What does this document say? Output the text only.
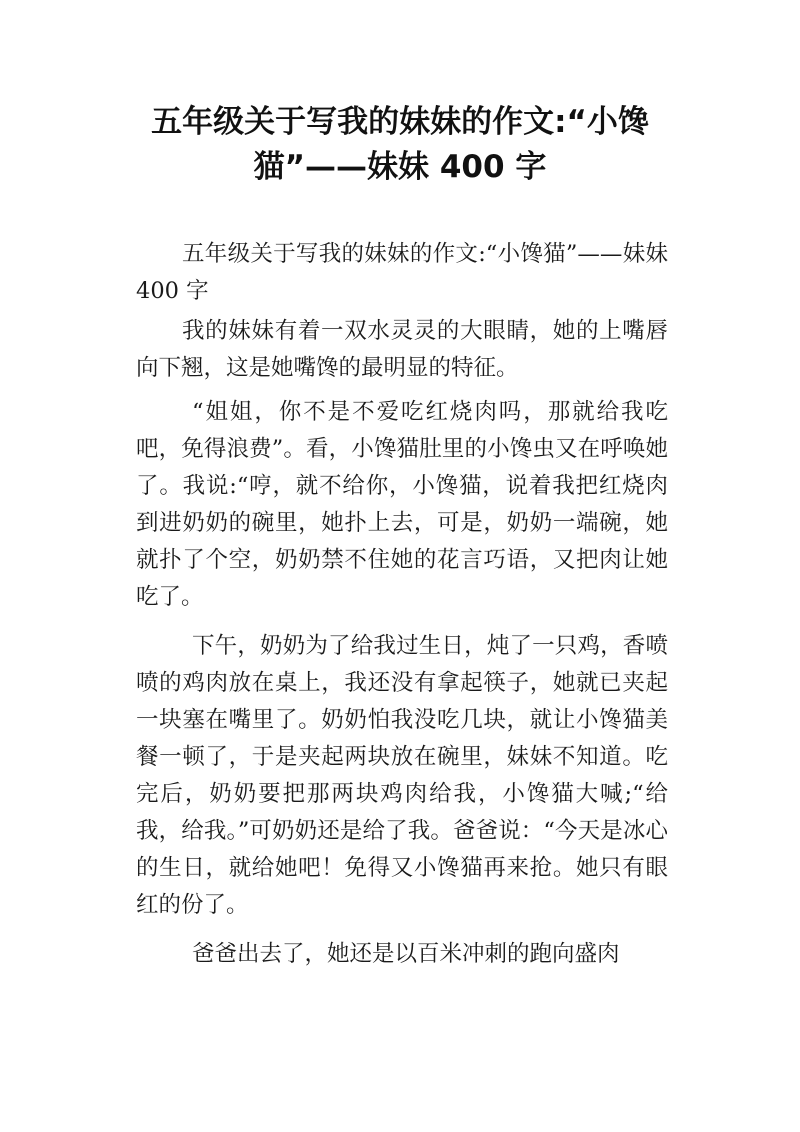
五年级关于写我的妹妹的作文:“小馋猫”——妹妹 400 字

五年级关于写我的妹妹的作文:“小馋猫”——妹妹 400 字

我的妹妹有着一双水灵灵的大眼睛，她的上嘴唇向下翘，这是她嘴馋的最明显的特征。

“姐姐，你不是不爱吃红烧肉吗，那就给我吃吧，免得浪费”。看，小馋猫肚里的小馋虫又在呼唤她了。我说:“哼，就不给你，小馋猫，说着我把红烧肉到进奶奶的碗里，她扑上去，可是，奶奶一端碗，她就扑了个空，奶奶禁不住她的花言巧语，又把肉让她吃了。

下午，奶奶为了给我过生日，炖了一只鸡，香喷喷的鸡肉放在桌上，我还没有拿起筷子，她就已夹起一块塞在嘴里了。奶奶怕我没吃几块，就让小馋猫美餐一顿了，于是夹起两块放在碗里，妹妹不知道。吃完后，奶奶要把那两块鸡肉给我，小馋猫大喊;“给我，给我。”可奶奶还是给了我。爸爸说：“今天是冰心的生日，就给她吧！免得又小馋猫再来抢。她只有眼红的份了。

爸爸出去了，她还是以百米冲刺的跑向盛肉
